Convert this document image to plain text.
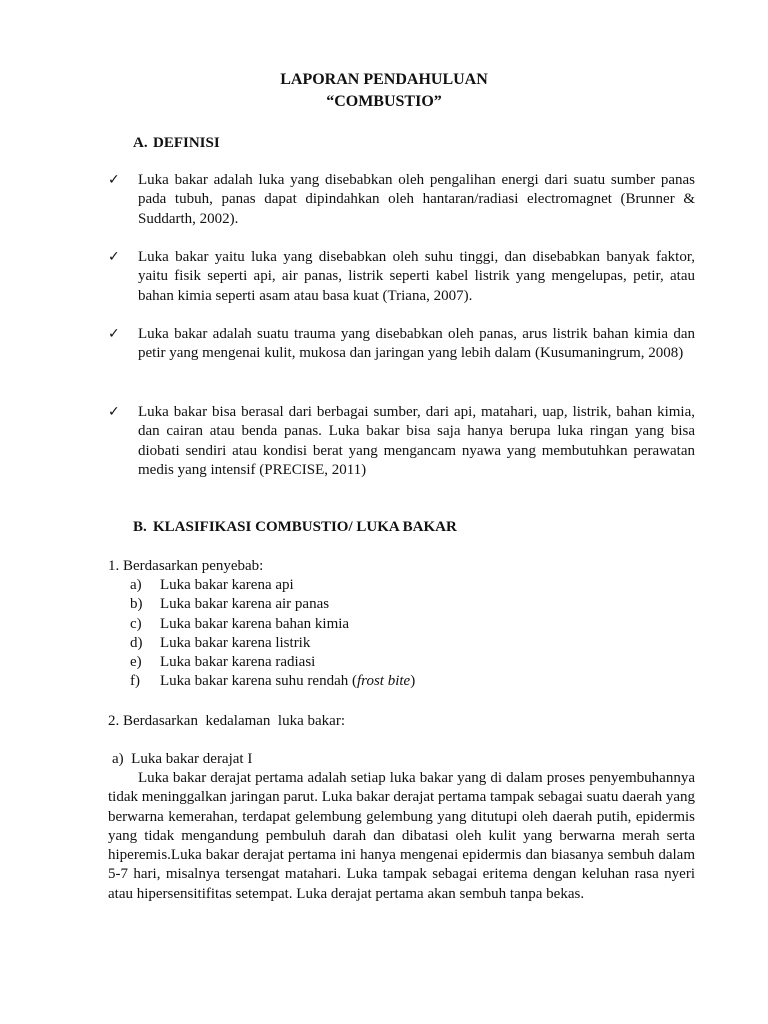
LAPORAN PENDAHULUAN
“COMBUSTIO”
A. DEFINISI
✓ Luka bakar adalah luka yang disebabkan oleh pengalihan energi dari suatu sumber panas pada tubuh, panas dapat dipindahkan oleh hantaran/radiasi electromagnet (Brunner & Suddarth, 2002).
✓ Luka bakar yaitu luka yang disebabkan oleh suhu tinggi, dan disebabkan banyak faktor, yaitu fisik seperti api, air panas, listrik seperti kabel listrik yang mengelupas, petir, atau bahan kimia seperti asam atau basa kuat (Triana, 2007).
✓ Luka bakar adalah suatu trauma yang disebabkan oleh panas, arus listrik bahan kimia dan petir yang mengenai kulit, mukosa dan jaringan yang lebih dalam (Kusumaningrum, 2008)
✓ Luka bakar bisa berasal dari berbagai sumber, dari api, matahari, uap, listrik, bahan kimia, dan cairan atau benda panas. Luka bakar bisa saja hanya berupa luka ringan yang bisa diobati sendiri atau kondisi berat yang mengancam nyawa yang membutuhkan perawatan medis yang intensif (PRECISE, 2011)
B. KLASIFIKASI COMBUSTIO/ LUKA BAKAR
1. Berdasarkan penyebab:
a) Luka bakar karena api
b) Luka bakar karena air panas
c) Luka bakar karena bahan kimia
d) Luka bakar karena listrik
e) Luka bakar karena radiasi
f) Luka bakar karena suhu rendah (frost bite)
2. Berdasarkan  kedalaman  luka bakar:
a)  Luka bakar derajat I
Luka bakar derajat pertama adalah setiap luka bakar yang di dalam proses penyembuhannya tidak meninggalkan jaringan parut. Luka bakar derajat pertama tampak sebagai suatu daerah yang berwarna kemerahan, terdapat gelembung gelembung yang ditutupi oleh daerah putih, epidermis yang tidak mengandung pembuluh darah dan dibatasi oleh kulit yang berwarna merah serta hiperemis.Luka bakar derajat pertama ini hanya mengenai epidermis dan biasanya sembuh dalam 5-7 hari, misalnya tersengat matahari. Luka tampak sebagai eritema dengan keluhan rasa nyeri atau hipersensitifitas setempat. Luka derajat pertama akan sembuh tanpa bekas.
